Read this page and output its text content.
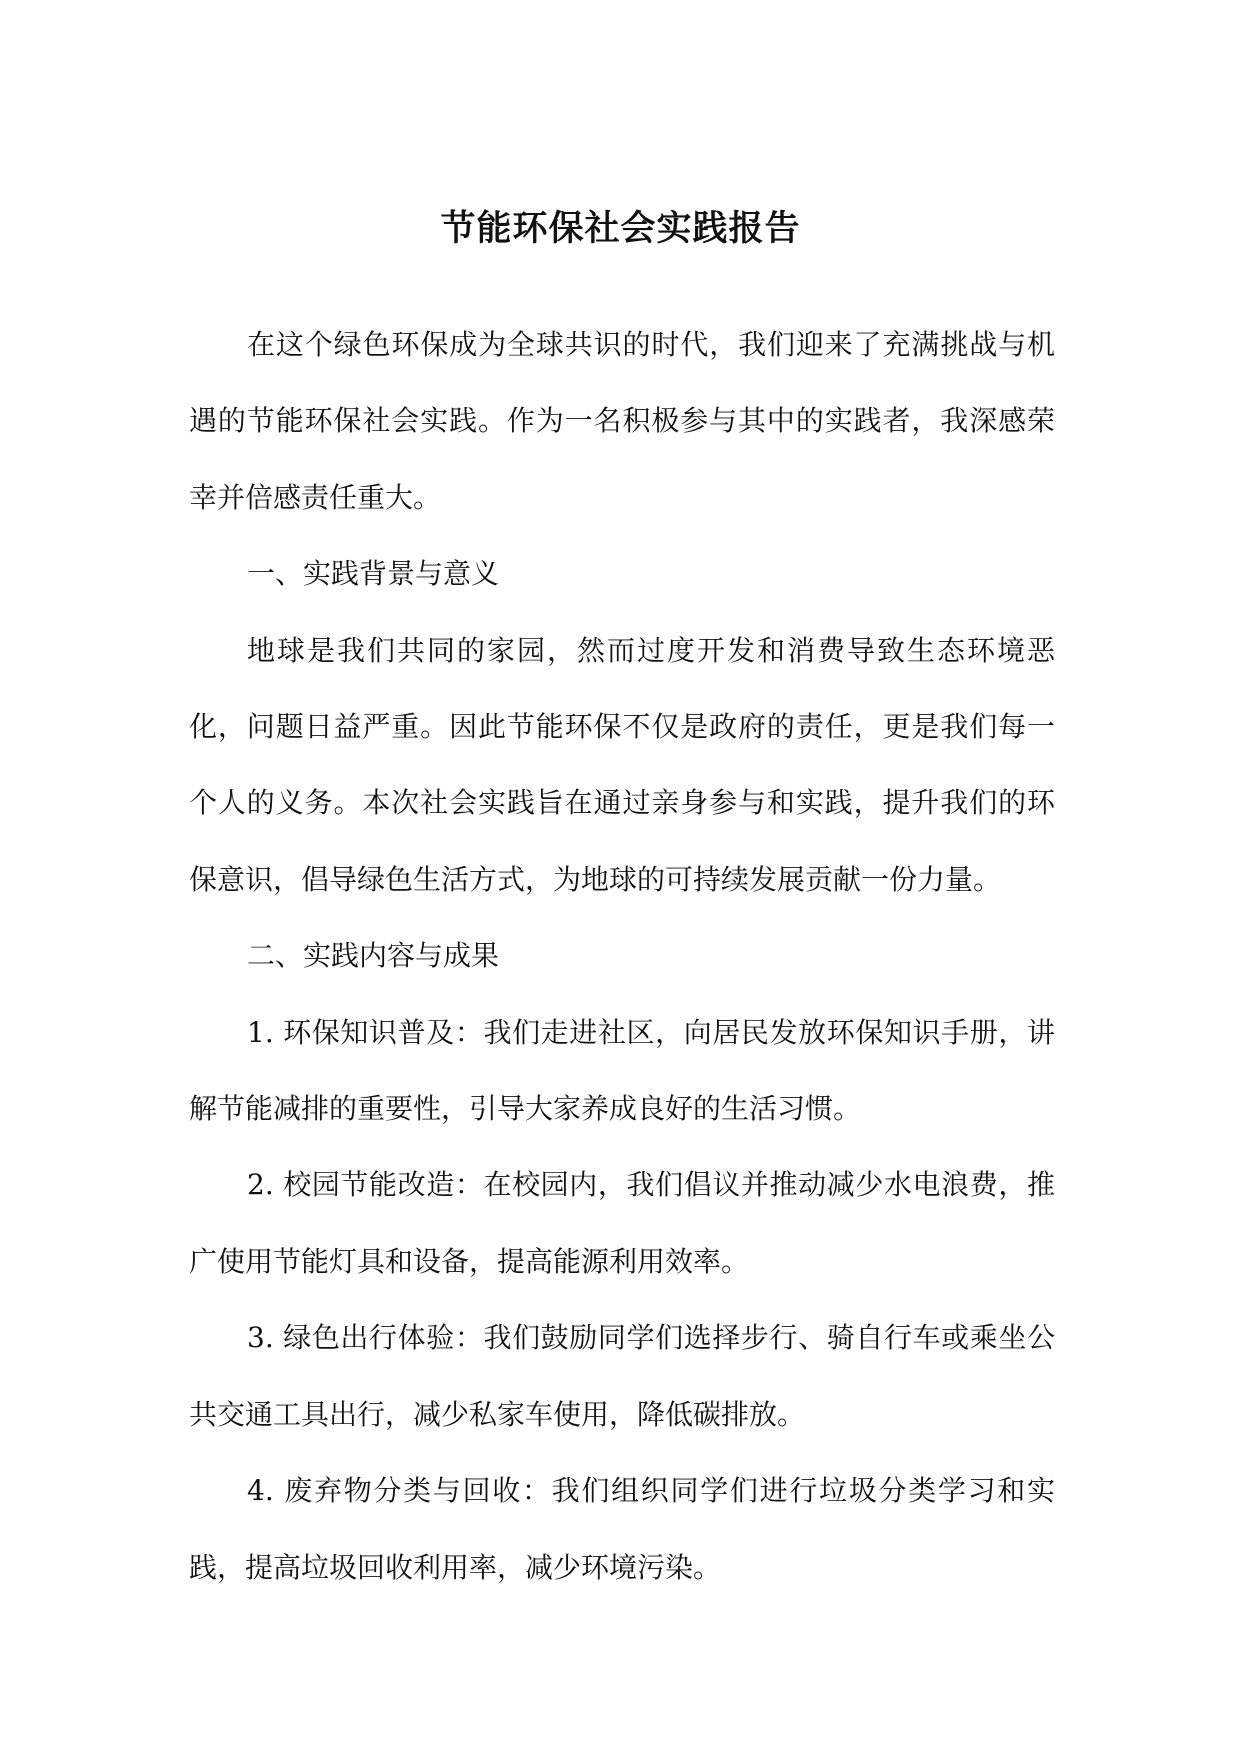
节能环保社会实践报告

在这个绿色环保成为全球共识的时代，我们迎来了充满挑战与机遇的节能环保社会实践。作为一名积极参与其中的实践者，我深感荣幸并倍感责任重大。

一、实践背景与意义

地球是我们共同的家园，然而过度开发和消费导致生态环境恶化，问题日益严重。因此节能环保不仅是政府的责任，更是我们每一个人的义务。本次社会实践旨在通过亲身参与和实践，提升我们的环保意识，倡导绿色生活方式，为地球的可持续发展贡献一份力量。

二、实践内容与成果

1. 环保知识普及：我们走进社区，向居民发放环保知识手册，讲解节能减排的重要性，引导大家养成良好的生活习惯。

2. 校园节能改造：在校园内，我们倡议并推动减少水电浪费，推广使用节能灯具和设备，提高能源利用效率。

3. 绿色出行体验：我们鼓励同学们选择步行、骑自行车或乘坐公共交通工具出行，减少私家车使用，降低碳排放。

4. 废弃物分类与回收：我们组织同学们进行垃圾分类学习和实践，提高垃圾回收利用率，减少环境污染。
